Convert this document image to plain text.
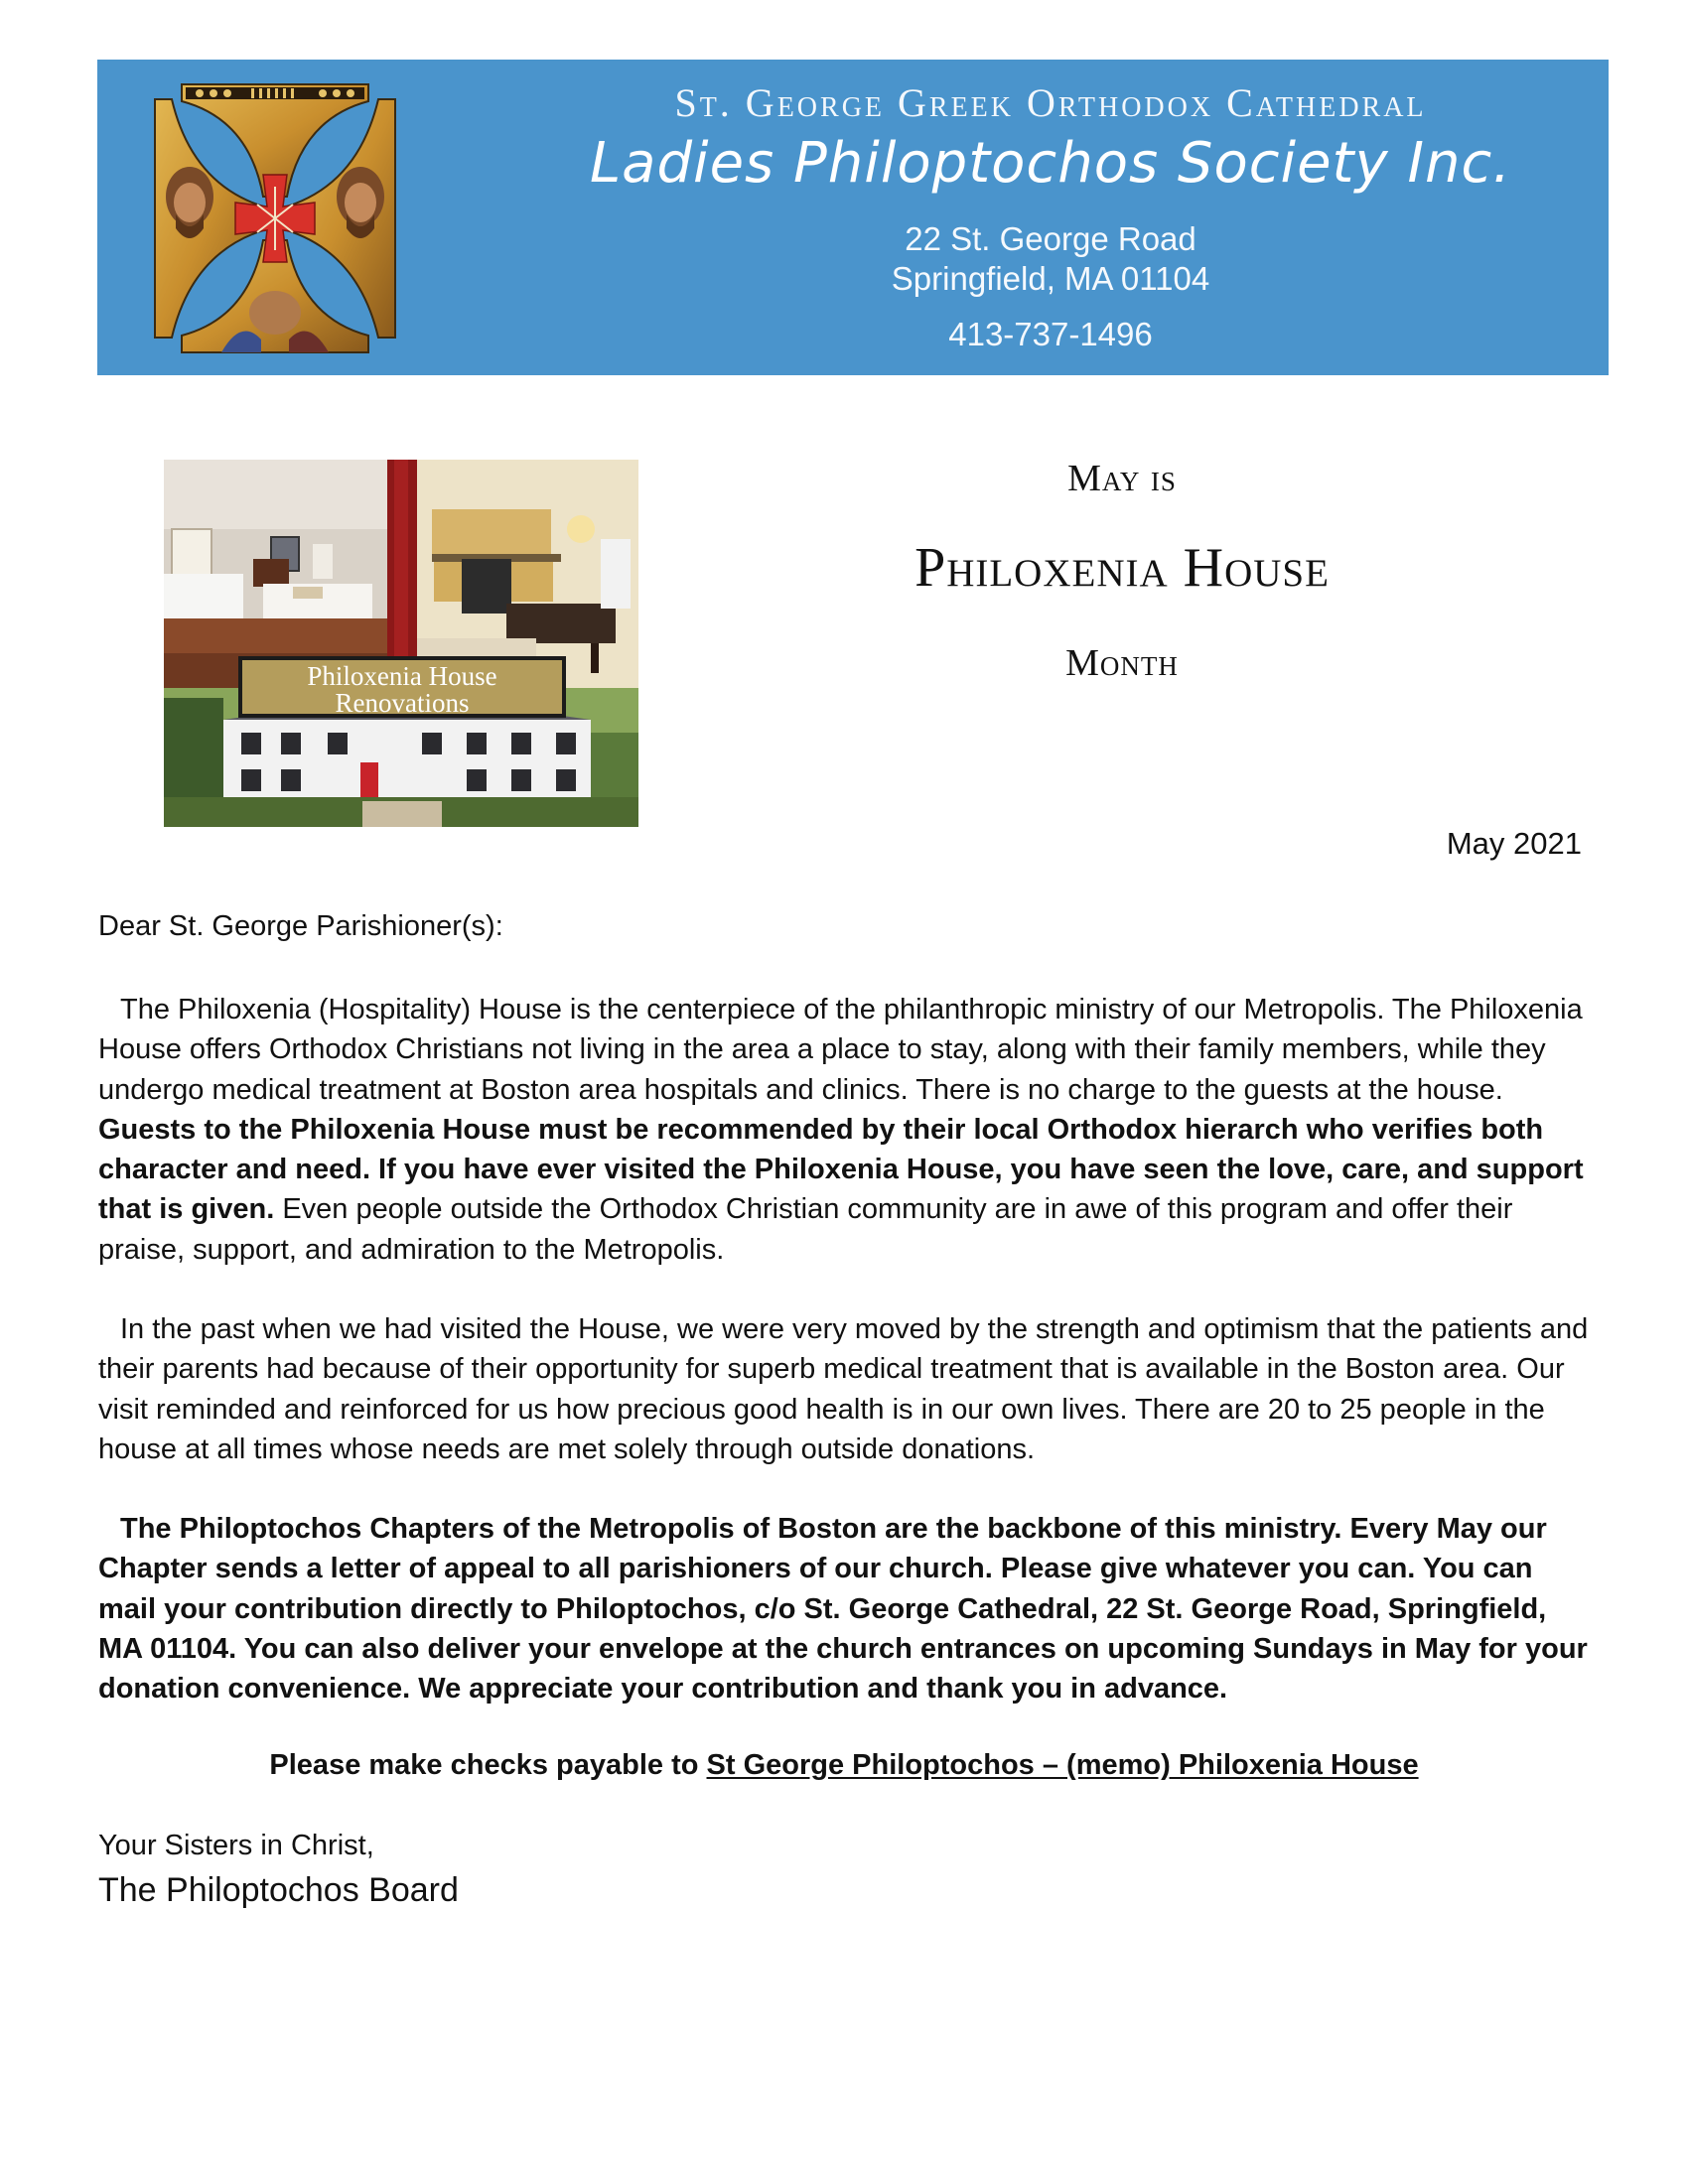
St. George Greek Orthodox Cathedral
Ladies Philoptochos Society Inc.
22 St. George Road
Springfield, MA 01104
413-737-1496
Philoxenia House
Renovations
May is
Philoxenia House
Month
May 2021
Dear St. George Parishioner(s):

The Philoxenia (Hospitality) House is the centerpiece of the philanthropic ministry of our Metropolis. The Philoxenia House offers Orthodox Christians not living in the area a place to stay, along with their family members, while they undergo medical treatment at Boston area hospitals and clinics. There is no charge to the guests at the house. Guests to the Philoxenia House must be recommended by their local Orthodox hierarch who verifies both character and need. If you have ever visited the Philoxenia House, you have seen the love, care, and support that is given. Even people outside the Orthodox Christian community are in awe of this program and offer their praise, support, and admiration to the Metropolis.

In the past when we had visited the House, we were very moved by the strength and optimism that the patients and their parents had because of their opportunity for superb medical treatment that is available in the Boston area. Our visit reminded and reinforced for us how precious good health is in our own lives. There are 20 to 25 people in the house at all times whose needs are met solely through outside donations.

The Philoptochos Chapters of the Metropolis of Boston are the backbone of this ministry. Every May our Chapter sends a letter of appeal to all parishioners of our church. Please give whatever you can. You can mail your contribution directly to Philoptochos, c/o St. George Cathedral, 22 St. George Road, Springfield, MA 01104. You can also deliver your envelope at the church entrances on upcoming Sundays in May for your donation convenience. We appreciate your contribution and thank you in advance.

Please make checks payable to St George Philoptochos – (memo) Philoxenia House
Your Sisters in Christ,
The Philoptochos Board
